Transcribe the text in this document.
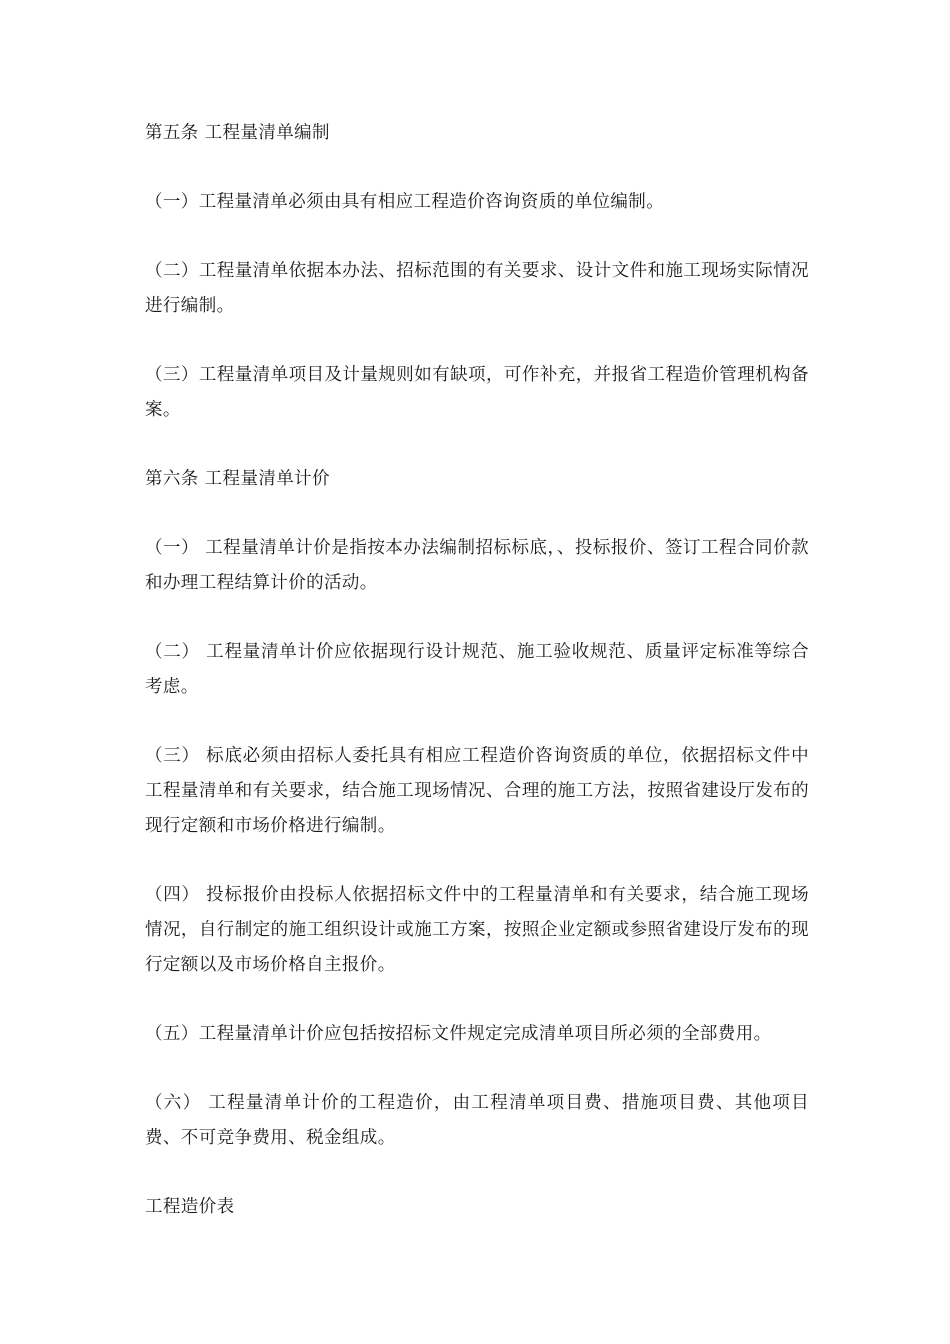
第五条 工程量清单编制

（一）工程量清单必须由具有相应工程造价咨询资质的单位编制。

（二）工程量清单依据本办法、招标范围的有关要求、设计文件和施工现场实际情况进行编制。

（三）工程量清单项目及计量规则如有缺项，可作补充，并报省工程造价管理机构备案。

第六条 工程量清单计价

（一） 工程量清单计价是指按本办法编制招标标底，、投标报价、签订工程合同价款和办理工程结算计价的活动。

（二） 工程量清单计价应依据现行设计规范、施工验收规范、质量评定标准等综合考虑。

（三） 标底必须由招标人委托具有相应工程造价咨询资质的单位，依据招标文件中工程量清单和有关要求，结合施工现场情况、合理的施工方法，按照省建设厅发布的现行定额和市场价格进行编制。

（四） 投标报价由投标人依据招标文件中的工程量清单和有关要求，结合施工现场情况，自行制定的施工组织设计或施工方案，按照企业定额或参照省建设厅发布的现行定额以及市场价格自主报价。

（五）工程量清单计价应包括按招标文件规定完成清单项目所必须的全部费用。

（六） 工程量清单计价的工程造价，由工程清单项目费、措施项目费、其他项目费、不可竞争费用、税金组成。

工程造价表
